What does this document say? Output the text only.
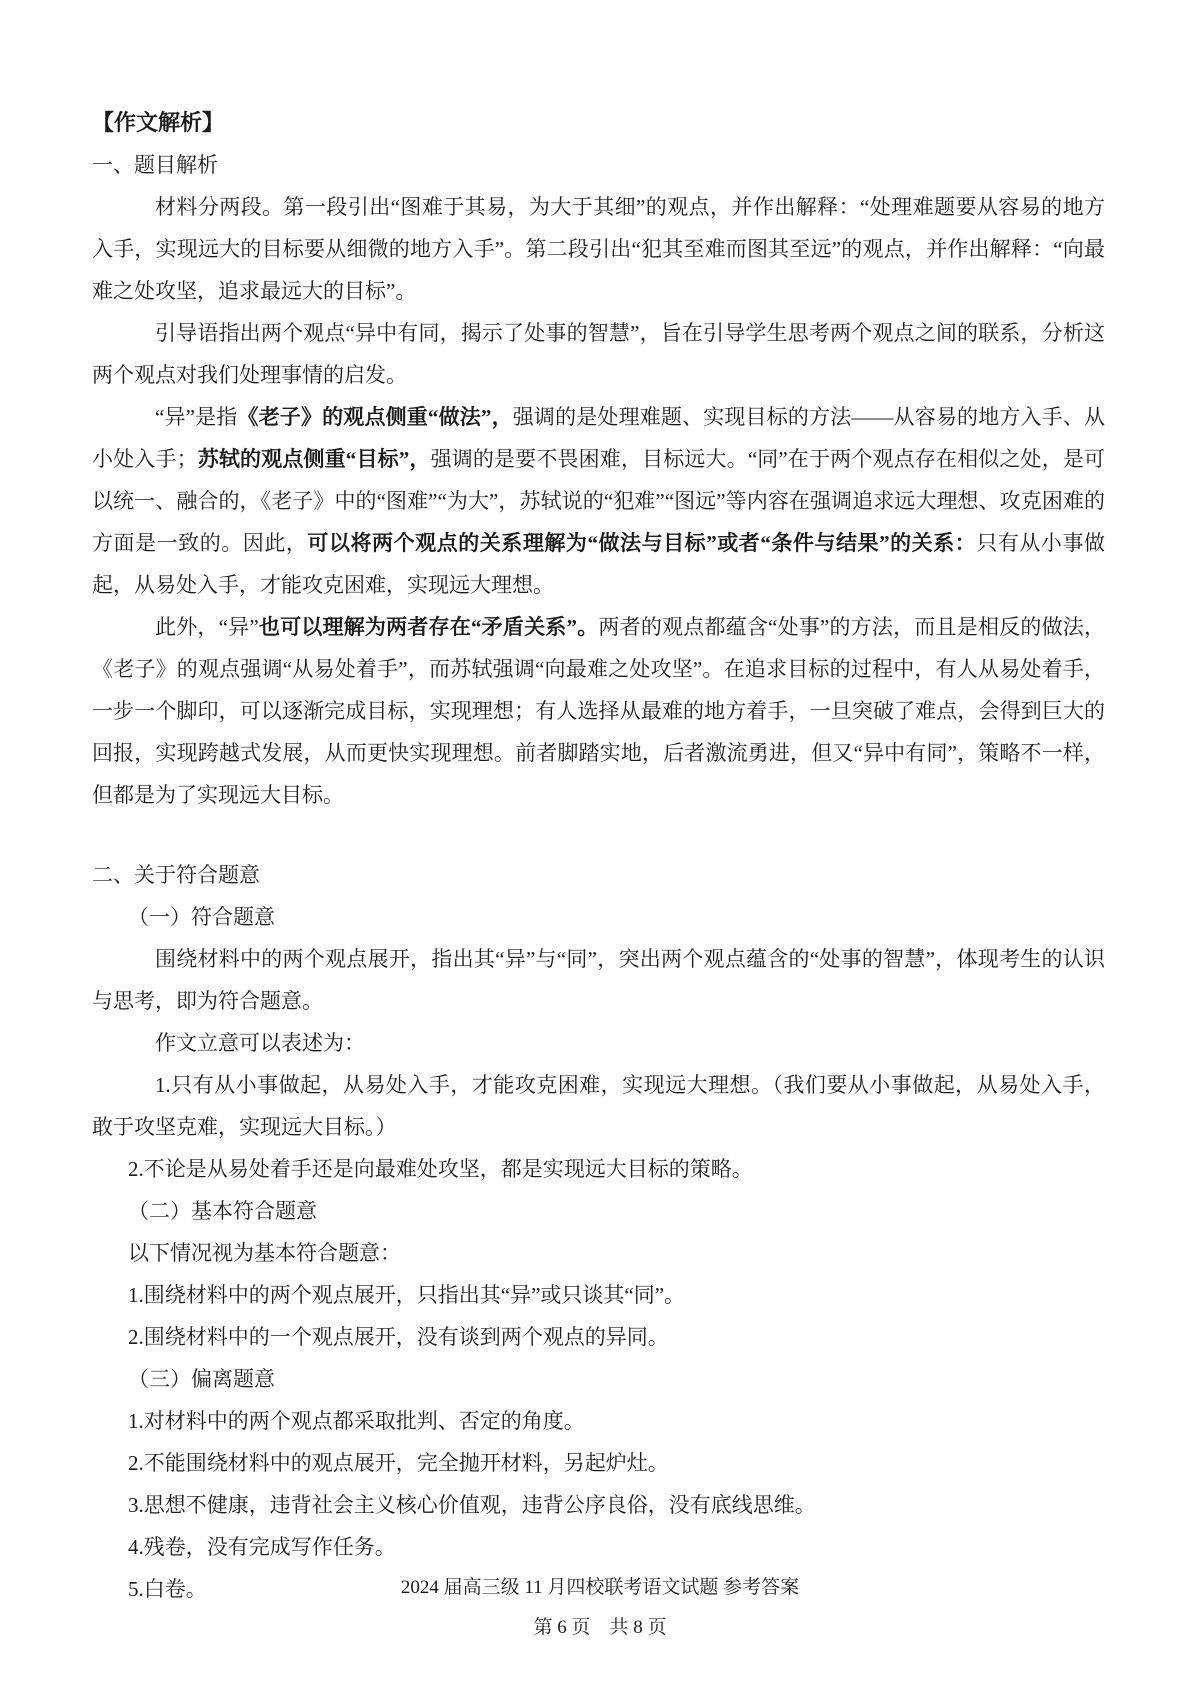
【作文解析】
一、题目解析
材料分两段。第一段引出“图难于其易，为大于其细”的观点，并作出解释：“处理难题要从容易的地方入手，实现远大的目标要从细微的地方入手”。第二段引出“犯其至难而图其至远”的观点，并作出解释：“向最难之处攻坚，追求最远大的目标”。
引导语指出两个观点“异中有同，揭示了处事的智慧”，旨在引导学生思考两个观点之间的联系，分析这两个观点对我们处理事情的启发。
“异”是指《老子》的观点侧重“做法”，强调的是处理难题、实现目标的方法——从容易的地方入手、从小处入手；苏轼的观点侧重“目标”，强调的是要不畏困难，目标远大。“同”在于两个观点存在相似之处，是可以统一、融合的，《老子》中的“图难”“为大”，苏轼说的“犯难”“图远”等内容在强调追求远大理想、攻克困难的方面是一致的。因此，可以将两个观点的关系理解为“做法与目标”或者“条件与结果”的关系：只有从小事做起，从易处入手，才能攻克困难，实现远大理想。
此外，“异”也可以理解为两者存在“矛盾关系”。两者的观点都蕴含“处事”的方法，而且是相反的做法，《老子》的观点强调“从易处着手”，而苏轼强调“向最难之处攻坚”。在追求目标的过程中，有人从易处着手，一步一个脚印，可以逐渐完成目标，实现理想；有人选择从最难的地方着手，一旦突破了难点，会得到巨大的回报，实现跨越式发展，从而更快实现理想。前者脚踏实地，后者激流勇进，但又“异中有同”，策略不一样，但都是为了实现远大目标。
二、关于符合题意
（一）符合题意
围绕材料中的两个观点展开，指出其“异”与“同”，突出两个观点蕴含的“处事的智慧”，体现考生的认识与思考，即为符合题意。
作文立意可以表述为：
1.只有从小事做起，从易处入手，才能攻克困难，实现远大理想。（我们要从小事做起，从易处入手，敢于攻坚克难，实现远大目标。）
2.不论是从易处着手还是向最难处攻坚，都是实现远大目标的策略。
（二）基本符合题意
以下情况视为基本符合题意：
1.围绕材料中的两个观点展开，只指出其“异”或只谈其“同”。
2.围绕材料中的一个观点展开，没有谈到两个观点的异同。
（三）偏离题意
1.对材料中的两个观点都采取批判、否定的角度。
2.不能围绕材料中的观点展开，完全抛开材料，另起炉灶。
3.思想不健康，违背社会主义核心价值观，违背公序良俗，没有底线思维。
4.残卷，没有完成写作任务。
5.白卷。	2024 届高三级 11 月四校联考语文试题 参考答案
第 6 页　共 8 页
